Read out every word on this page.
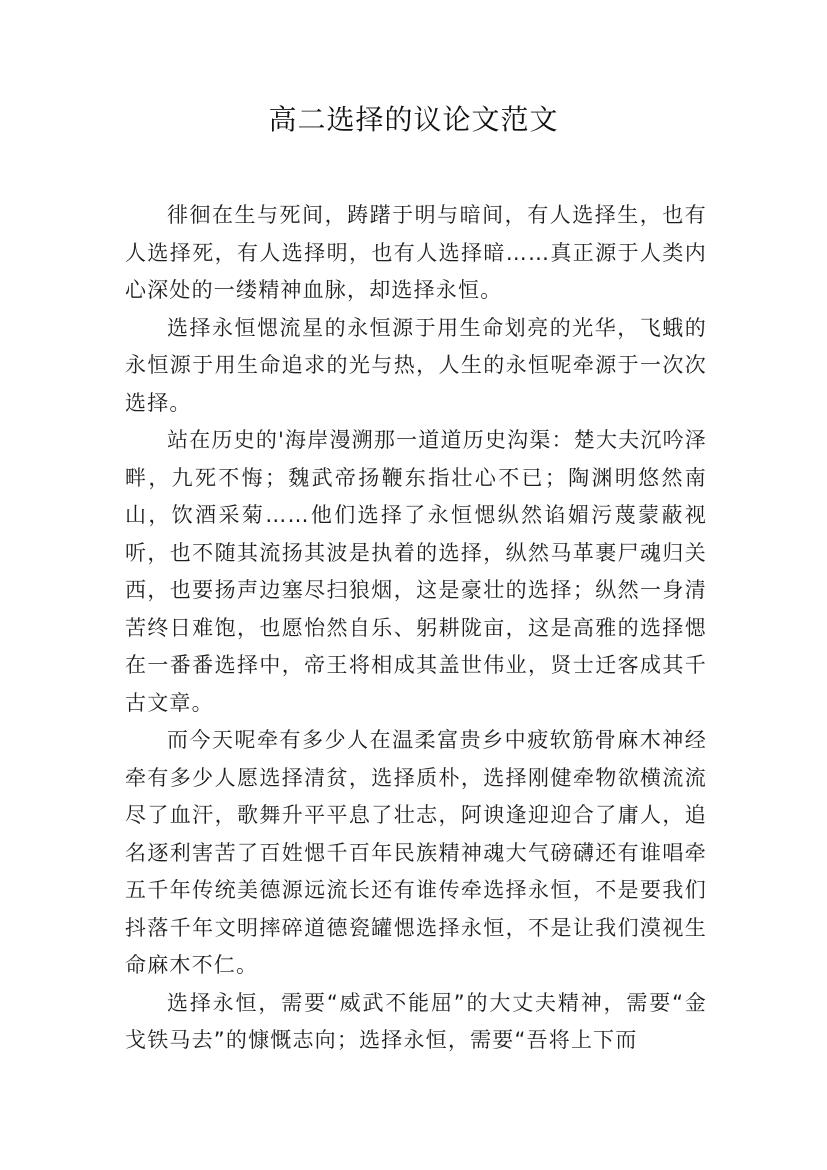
高二选择的议论文范文

徘徊在生与死间，踌躇于明与暗间，有人选择生，也有人选择死，有人选择明，也有人选择暗……真正源于人类内心深处的一缕精神血脉，却选择永恒。

选择永恒愢流星的永恒源于用生命划亮的光华，飞蛾的永恒源于用生命追求的光与热，人生的永恒呢牵源于一次次选择。

站在历史的'海岸漫溯那一道道历史沟渠：楚大夫沉吟泽畔，九死不悔；魏武帝扬鞭东指壮心不已；陶渊明悠然南山，饮酒采菊……他们选择了永恒愢纵然谄媚污蔑蒙蔽视听，也不随其流扬其波是执着的选择，纵然马革裹尸魂归关西，也要扬声边塞尽扫狼烟，这是豪壮的选择；纵然一身清苦终日难饱，也愿怡然自乐、躬耕陇亩，这是高雅的选择愢在一番番选择中，帝王将相成其盖世伟业，贤士迁客成其千古文章。

而今天呢牵有多少人在温柔富贵乡中疲软筋骨麻木神经牵有多少人愿选择清贫，选择质朴，选择刚健牵物欲横流流尽了血汗，歌舞升平平息了壮志，阿谀逢迎迎合了庸人，追名逐利害苦了百姓愢千百年民族精神魂大气磅礴还有谁唱牵五千年传统美德源远流长还有谁传牵选择永恒，不是要我们抖落千年文明摔碎道德瓷罐愢选择永恒，不是让我们漠视生命麻木不仁。

选择永恒，需要“威武不能屈”的大丈夫精神，需要“金戈铁马去”的慷慨志向；选择永恒，需要“吾将上下而
